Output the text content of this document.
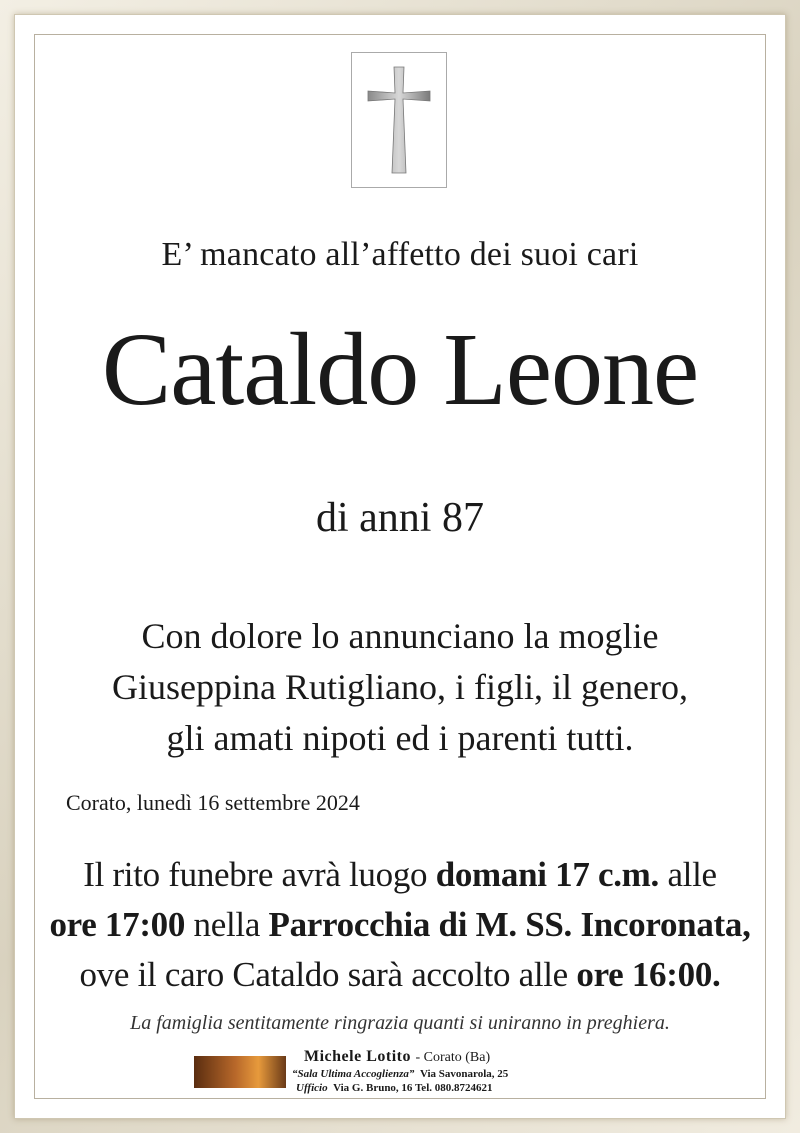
E’ mancato all’affetto dei suoi cari
Cataldo Leone
di anni 87
Con dolore lo annunciano la moglie
Giuseppina Rutigliano, i figli, il genero,
gli amati nipoti ed i parenti tutti.
Corato, lunedì 16 settembre 2024
Il rito funebre avrà luogo domani 17 c.m. alle
ore 17:00 nella Parrocchia di M. SS. Incoronata,
ove il caro Cataldo sarà accolto alle ore 16:00.
La famiglia sentitamente ringrazia quanti si uniranno in preghiera.
Michele Lotito - Corato (Ba)
“Sala Ultima Accoglienza” Via Savonarola, 25
Ufficio Via G. Bruno, 16 Tel. 080.8724621
